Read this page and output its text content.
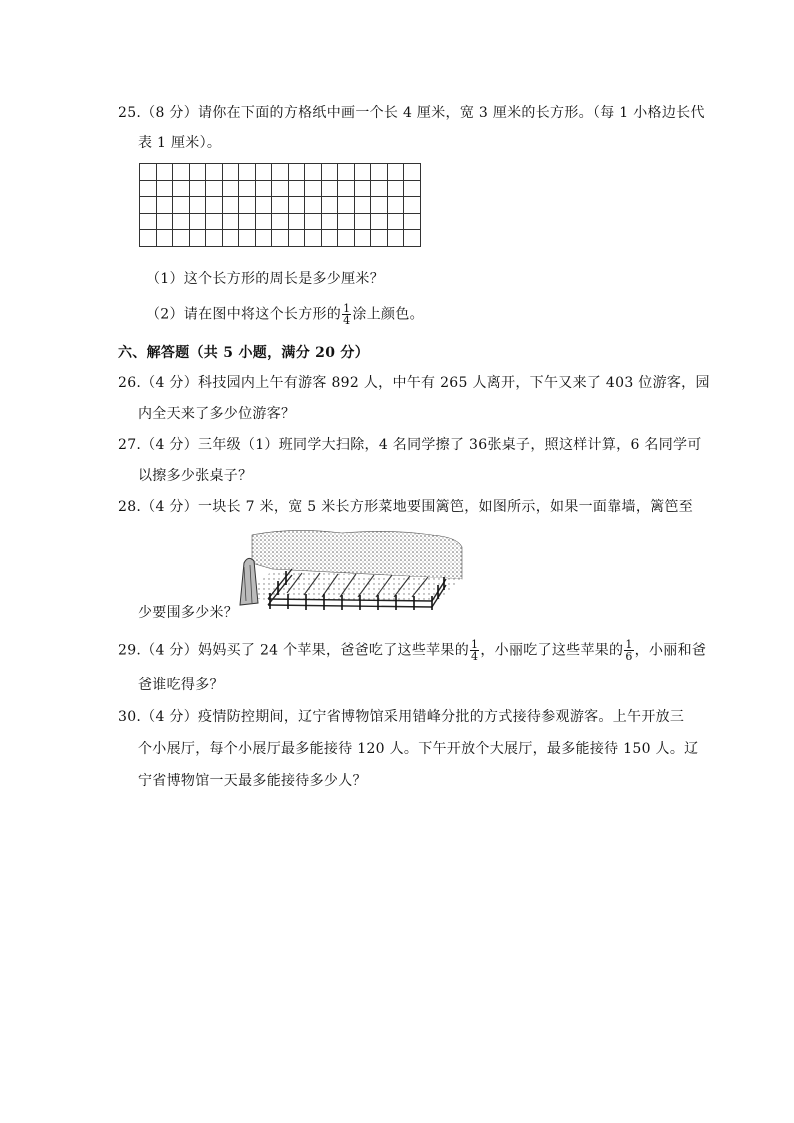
25.（8 分）请你在下面的方格纸中画一个长 4 厘米，宽 3 厘米的长方形。（每 1 小格边长代
表 1 厘米）。

（1）这个长方形的周长是多少厘米？
（2）请在图中将这个长方形的 $\frac{1}{4}$ 涂上颜色。
六、解答题（共 5 小题，满分 20 分）
26.（4 分）科技园内上午有游客 892 人，中午有 265 人离开，下午又来了 403 位游客，园
内全天来了多少位游客？
27.（4 分）三年级（1）班同学大扫除，4 名同学擦了 36张桌子，照这样计算，6 名同学可
以擦多少张桌子？
28.（4 分）一块长 7 米，宽 5 米长方形菜地要围篱笆，如图所示，如果一面靠墙，篱笆至
少要围多少米？
29.（4 分）妈妈买了 24 个苹果，爸爸吃了这些苹果的 $\frac{1}{4}$ ，小丽吃了这些苹果的 $\frac{1}{6}$ ，小丽和爸
爸谁吃得多？
30.（4 分）疫情防控期间，辽宁省博物馆采用错峰分批的方式接待参观游客。上午开放三
个小展厅，每个小展厅最多能接待 120 人。下午开放个大展厅，最多能接待 150 人。辽
宁省博物馆一天最多能接待多少人？
